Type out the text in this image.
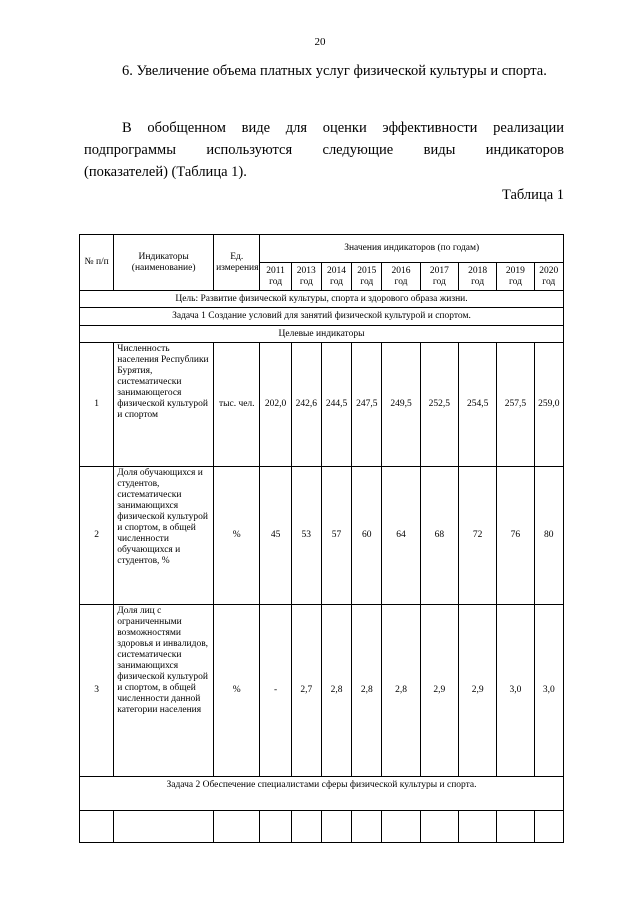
20

6. Увеличение объема платных услуг физической культуры и спорта.

В обобщенном виде для оценки эффективности реализации
подпрограммы используются следующие виды индикаторов
(показателей) (Таблица 1).

Таблица 1
№ п/п	Индикаторы (наименование)	Ед. измерения	Значения индикаторов (по годам)								
			2011 год	2013 год	2014 год	2015 год	2016 год	2017 год	2018 год	2019 год	2020 год
Цель: Развитие физической культуры, спорта и здорового образа жизни.											
Задача 1 Создание условий для занятий физической культурой и спортом.											
Целевые индикаторы											
1	Численность населения Республики Бурятия, систематически занимающегося физической культурой и спортом	тыс. чел.	202,0	242,6	244,5	247,5	249,5	252,5	254,5	257,5	259,0
2	Доля обучающихся и студентов, систематически занимающихся физической культурой и спортом, в общей численности обучающихся и студентов, %	%	45	53	57	60	64	68	72	76	80
3	Доля лиц с ограниченными возможностями здоровья и инвалидов, систематически занимающихся физической культурой и спортом, в общей численности данной категории населения	%	-	2,7	2,8	2,8	2,8	2,9	2,9	3,0	3,0
Задача 2 Обеспечение специалистами сферы физической культуры и спорта.											
